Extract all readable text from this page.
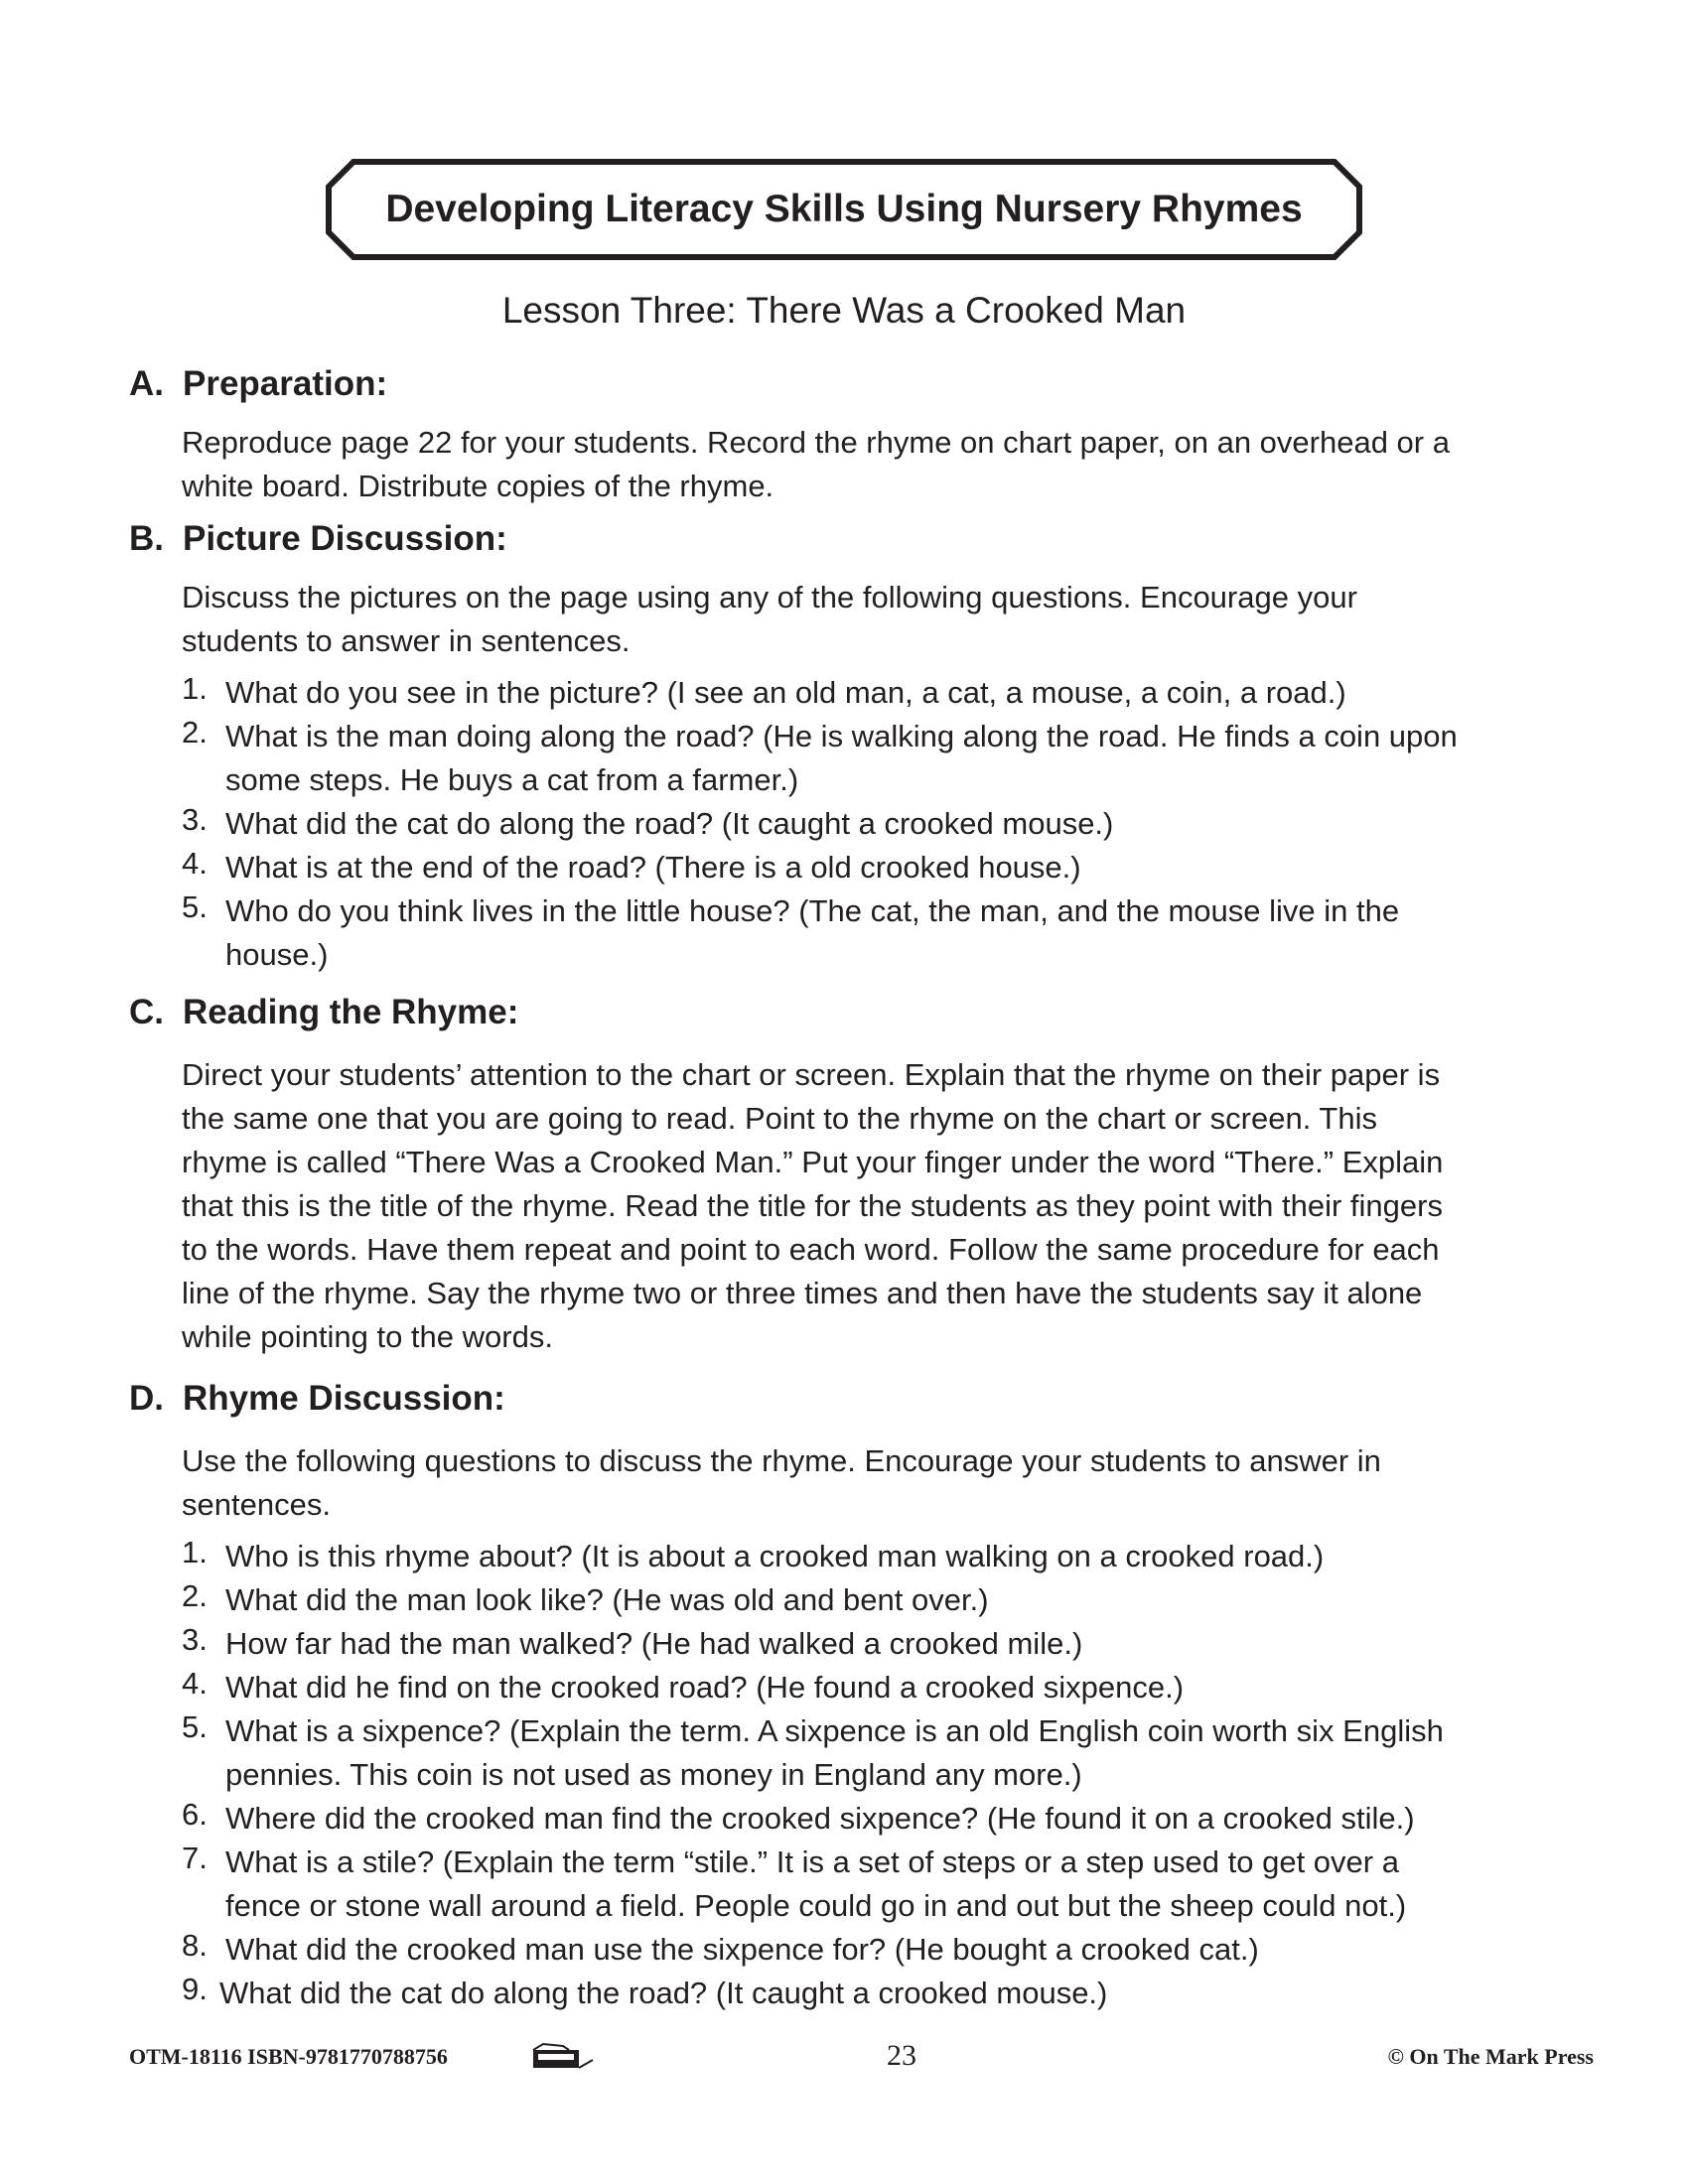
Developing Literacy Skills Using Nursery Rhymes
Lesson Three: There Was a Crooked Man
A. Preparation:
Reproduce page 22 for your students. Record the rhyme on chart paper, on an overhead or a
white board. Distribute copies of the rhyme.
B. Picture Discussion:
Discuss the pictures on the page using any of the following questions. Encourage your
students to answer in sentences.
1. What do you see in the picture? (I see an old man, a cat, a mouse, a coin, a road.)
2. What is the man doing along the road? (He is walking along the road. He finds a coin upon
some steps. He buys a cat from a farmer.)
3. What did the cat do along the road? (It caught a crooked mouse.)
4. What is at the end of the road? (There is a old crooked house.)
5. Who do you think lives in the little house? (The cat, the man, and the mouse live in the
house.)
C. Reading the Rhyme:
Direct your students’ attention to the chart or screen. Explain that the rhyme on their paper is
the same one that you are going to read. Point to the rhyme on the chart or screen. This
rhyme is called “There Was a Crooked Man.” Put your finger under the word “There.” Explain
that this is the title of the rhyme. Read the title for the students as they point with their fingers
to the words. Have them repeat and point to each word. Follow the same procedure for each
line of the rhyme. Say the rhyme two or three times and then have the students say it alone
while pointing to the words.
D. Rhyme Discussion:
Use the following questions to discuss the rhyme. Encourage your students to answer in
sentences.
1. Who is this rhyme about? (It is about a crooked man walking on a crooked road.)
2. What did the man look like? (He was old and bent over.)
3. How far had the man walked? (He had walked a crooked mile.)
4. What did he find on the crooked road? (He found a crooked sixpence.)
5. What is a sixpence? (Explain the term. A sixpence is an old English coin worth six English
pennies. This coin is not used as money in England any more.)
6. Where did the crooked man find the crooked sixpence? (He found it on a crooked stile.)
7. What is a stile? (Explain the term “stile.” It is a set of steps or a step used to get over a
fence or stone wall around a field. People could go in and out but the sheep could not.)
8. What did the crooked man use the sixpence for? (He bought a crooked cat.)
9. What did the cat do along the road? (It caught a crooked mouse.)
OTM-18116 ISBN-9781770788756	23	© On The Mark Press
